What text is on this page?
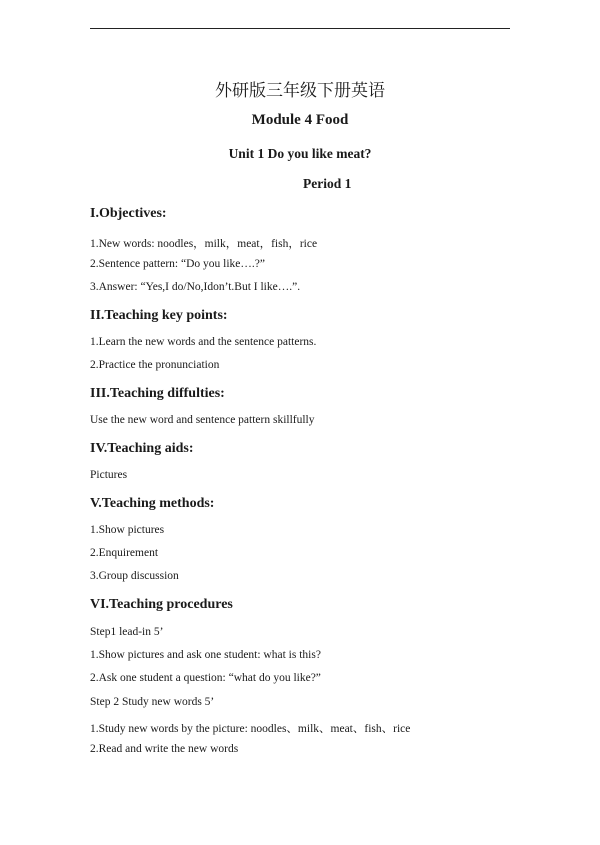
外研版三年级下册英语
Module 4 Food
Unit 1 Do you like meat?
Period 1
I.Objectives:
1.New words: noodles，milk，meat，fish，rice
2.Sentence pattern: “Do you like….?”
3.Answer: “Yes,I do/No,Idon’t.But I like….”.
II.Teaching key points:
1.Learn the new words and the sentence patterns.
2.Practice the pronunciation
III.Teaching diffulties:
Use the new word and sentence pattern skillfully
IV.Teaching aids:
Pictures
V.Teaching methods:
1.Show pictures
2.Enquirement
3.Group discussion
VI.Teaching procedures
Step1 lead-in 5’
1.Show pictures and ask one student: what is this?
2.Ask one student a question: “what do you like?”
Step 2 Study new words 5’
1.Study new words by the picture: noodles、milk、meat、fish、rice
2.Read and write the new words
